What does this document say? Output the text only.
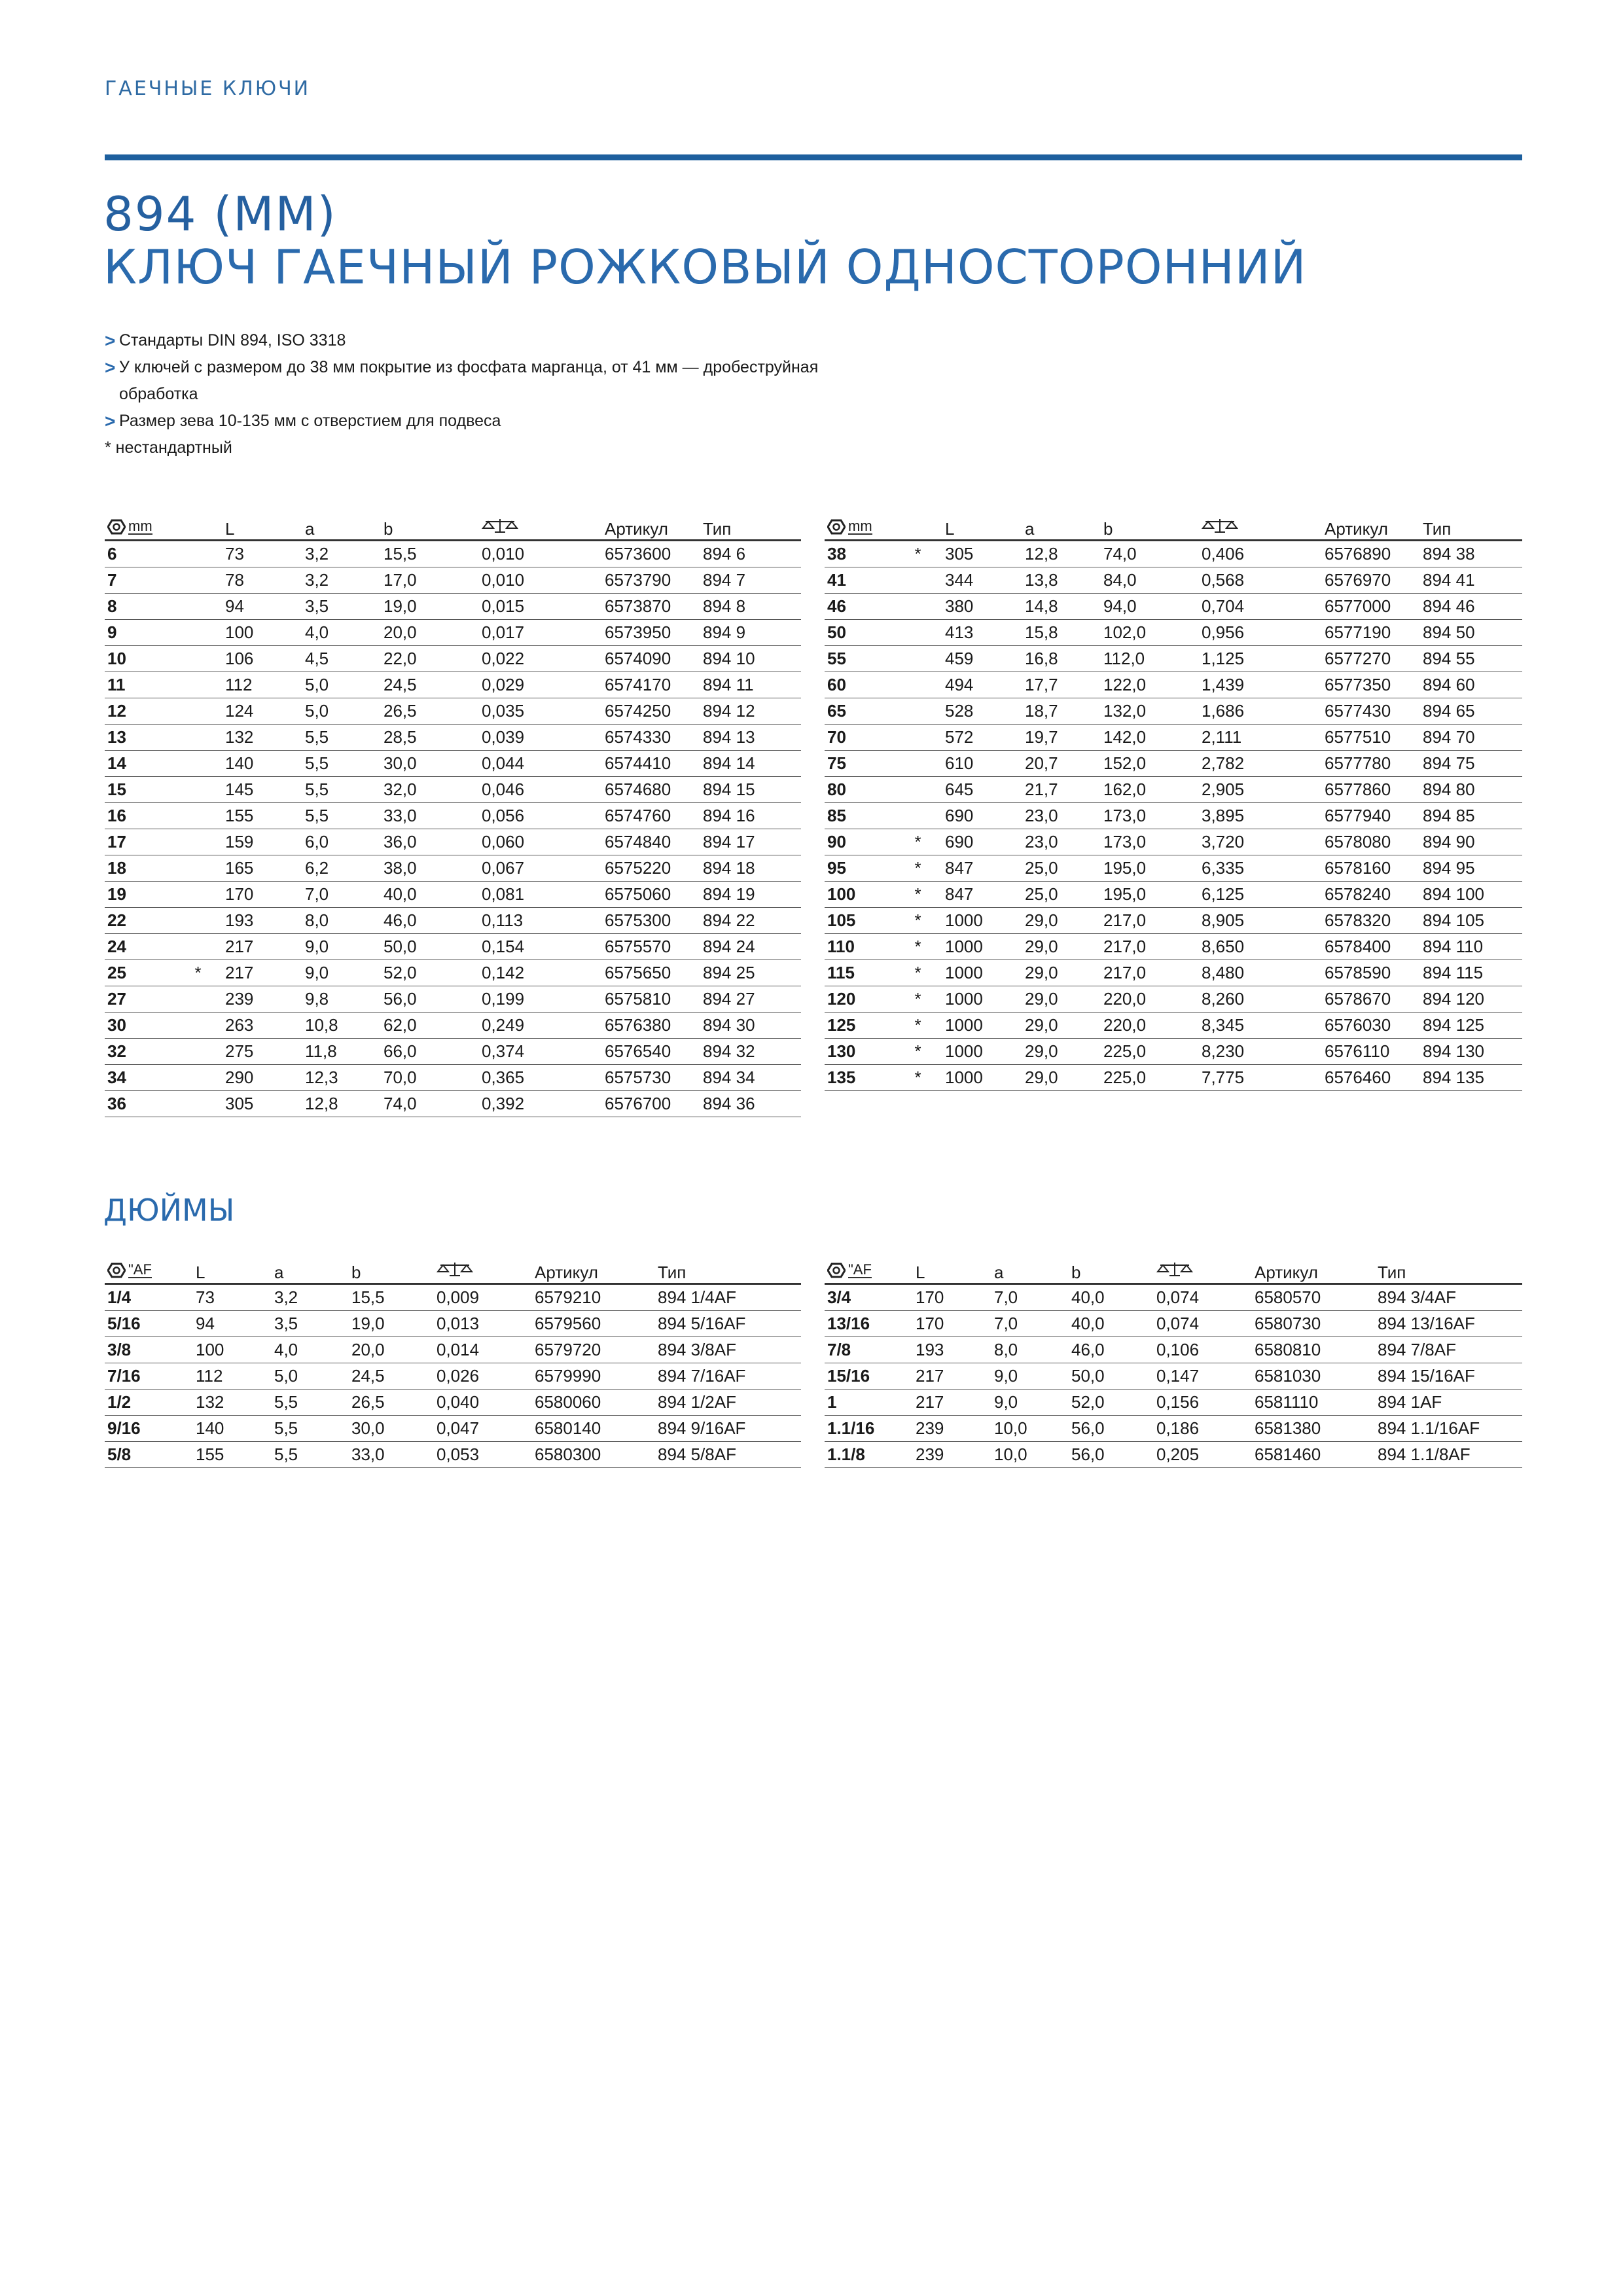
ГАЕЧНЫЕ КЛЮЧИ
894 (MM)
КЛЮЧ ГАЕЧНЫЙ РОЖКОВЫЙ ОДНОСТОРОННИЙ
> Стандарты DIN 894, ISO 3318
> У ключей с размером до 38 мм покрытие из фосфата марганца, от 41 мм — дробеструйная обработка
> Размер зева 10-135 мм с отверстием для подвеса
* нестандартный
mm		L	a	b		Артикул	Тип
6		73	3,2	15,5	0,010	6573600	894 6
7		78	3,2	17,0	0,010	6573790	894 7
8		94	3,5	19,0	0,015	6573870	894 8
9		100	4,0	20,0	0,017	6573950	894 9
10		106	4,5	22,0	0,022	6574090	894 10
11		112	5,0	24,5	0,029	6574170	894 11
12		124	5,0	26,5	0,035	6574250	894 12
13		132	5,5	28,5	0,039	6574330	894 13
14		140	5,5	30,0	0,044	6574410	894 14
15		145	5,5	32,0	0,046	6574680	894 15
16		155	5,5	33,0	0,056	6574760	894 16
17		159	6,0	36,0	0,060	6574840	894 17
18		165	6,2	38,0	0,067	6575220	894 18
19		170	7,0	40,0	0,081	6575060	894 19
22		193	8,0	46,0	0,113	6575300	894 22
24		217	9,0	50,0	0,154	6575570	894 24
25	*	217	9,0	52,0	0,142	6575650	894 25
27		239	9,8	56,0	0,199	6575810	894 27
30		263	10,8	62,0	0,249	6576380	894 30
32		275	11,8	66,0	0,374	6576540	894 32
34		290	12,3	70,0	0,365	6575730	894 34
36		305	12,8	74,0	0,392	6576700	894 36
mm		L	a	b		Артикул	Тип
38	*	305	12,8	74,0	0,406	6576890	894 38
41		344	13,8	84,0	0,568	6576970	894 41
46		380	14,8	94,0	0,704	6577000	894 46
50		413	15,8	102,0	0,956	6577190	894 50
55		459	16,8	112,0	1,125	6577270	894 55
60		494	17,7	122,0	1,439	6577350	894 60
65		528	18,7	132,0	1,686	6577430	894 65
70		572	19,7	142,0	2,111	6577510	894 70
75		610	20,7	152,0	2,782	6577780	894 75
80		645	21,7	162,0	2,905	6577860	894 80
85		690	23,0	173,0	3,895	6577940	894 85
90	*	690	23,0	173,0	3,720	6578080	894 90
95	*	847	25,0	195,0	6,335	6578160	894 95
100	*	847	25,0	195,0	6,125	6578240	894 100
105	*	1000	29,0	217,0	8,905	6578320	894 105
110	*	1000	29,0	217,0	8,650	6578400	894 110
115	*	1000	29,0	217,0	8,480	6578590	894 115
120	*	1000	29,0	220,0	8,260	6578670	894 120
125	*	1000	29,0	220,0	8,345	6576030	894 125
130	*	1000	29,0	225,0	8,230	6576110	894 130
135	*	1000	29,0	225,0	7,775	6576460	894 135
ДЮЙМЫ
"AF	L	a	b		Артикул	Тип
1/4	73	3,2	15,5	0,009	6579210	894 1/4AF
5/16	94	3,5	19,0	0,013	6579560	894 5/16AF
3/8	100	4,0	20,0	0,014	6579720	894 3/8AF
7/16	112	5,0	24,5	0,026	6579990	894 7/16AF
1/2	132	5,5	26,5	0,040	6580060	894 1/2AF
9/16	140	5,5	30,0	0,047	6580140	894 9/16AF
5/8	155	5,5	33,0	0,053	6580300	894 5/8AF
"AF	L	a	b		Артикул	Тип
3/4	170	7,0	40,0	0,074	6580570	894 3/4AF
13/16	170	7,0	40,0	0,074	6580730	894 13/16AF
7/8	193	8,0	46,0	0,106	6580810	894 7/8AF
15/16	217	9,0	50,0	0,147	6581030	894 15/16AF
1	217	9,0	52,0	0,156	6581110	894 1AF
1.1/16	239	10,0	56,0	0,186	6581380	894 1.1/16AF
1.1/8	239	10,0	56,0	0,205	6581460	894 1.1/8AF
